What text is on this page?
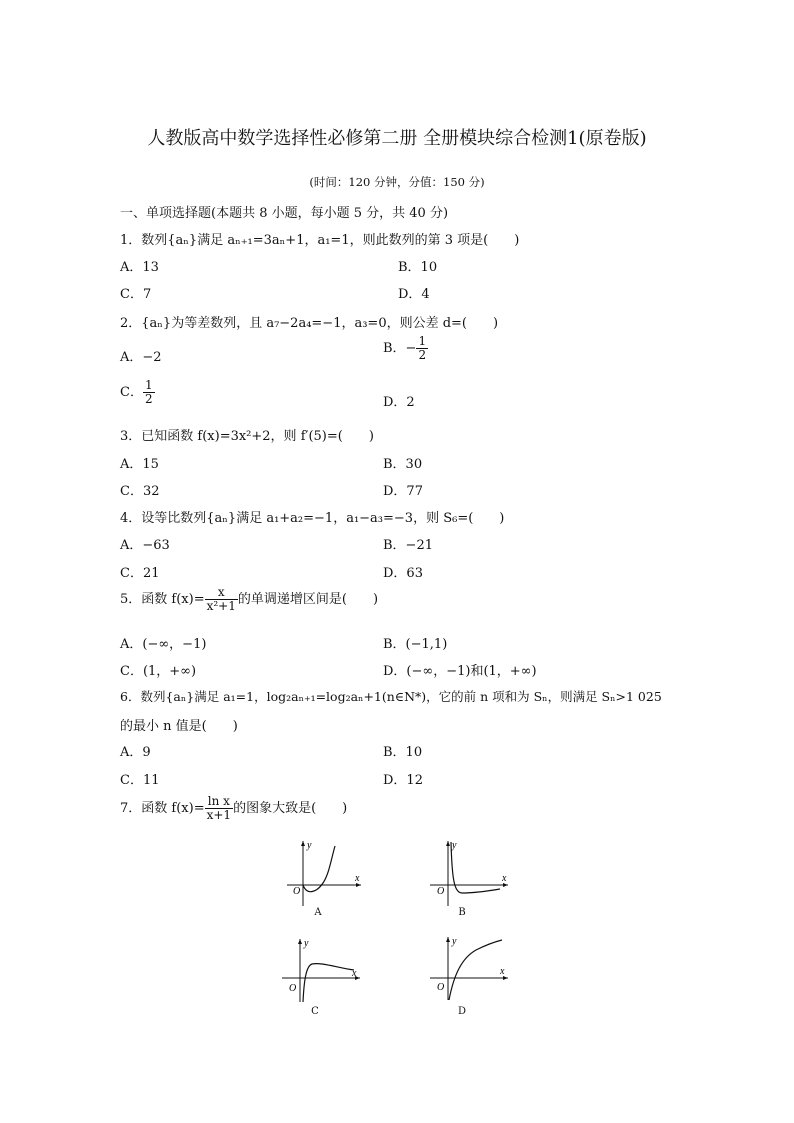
人教版高中数学选择性必修第二册 全册模块综合检测1(原卷版)
(时间：120 分钟，分值：150 分)
一、单项选择题(本题共 8 小题，每小题 5 分，共 40 分)
1．数列{aₙ}满足 aₙ₊₁=3aₙ+1，a₁=1，则此数列的第 3 项是(　　)
A．13	B．10
C．7	D．4
2．{aₙ}为等差数列，且 a₇−2a₄=−1，a₃=0，则公差 d=(　　)
A．−2
B．− $\frac{1}{2}$
C． $\frac{1}{2}$	D．2
3．已知函数 f(x)=3x²+2，则 f′(5)=(　　)
A．15	B．30
C．32	D．77
4．设等比数列{aₙ}满足 a₁+a₂=−1，a₁−a₃=−3，则 S₆=(　　)
A．−63	B．−21
C．21	D．63
5．函数 $f(x)= \frac{x}{\text{x²+1}}$ 的单调递增区间是(　　)
A．(−∞，−1)	B．(−1,1)
C．(1，+∞)	D．(−∞，−1)和(1，+∞)
6．数列{aₙ}满足 a₁=1，log₂aₙ₊₁=log₂aₙ+1(n∈N*)，它的前 n 项和为 Sₙ，则满足 Sₙ>1 025
的最小 n 值是(　　)
A．9	B．10
C．11	D．12
7．函数 $f(x)= \frac{\text{ln x}}{x+1}$ 的图象大致是(　　)
y
x
O
A
y
x
O
B
y
x
O
C
y
x
O
D
